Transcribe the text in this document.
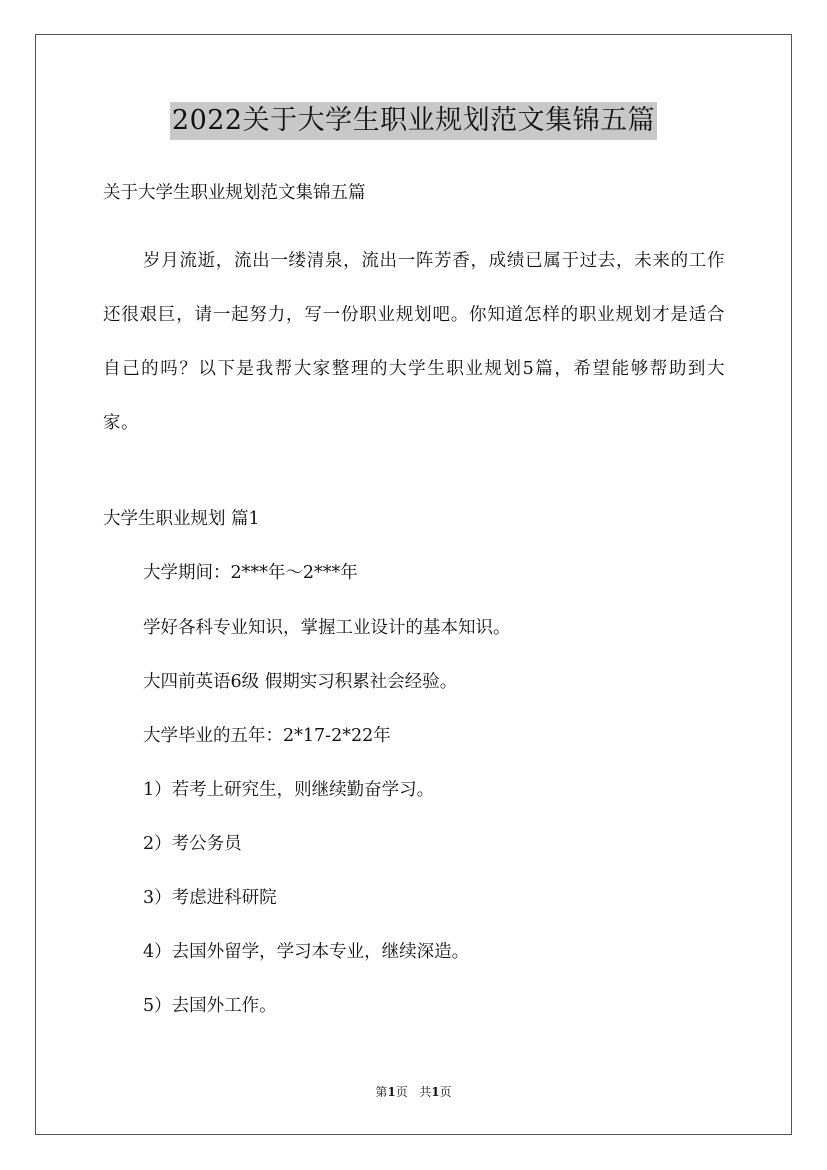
2022关于大学生职业规划范文集锦五篇
关于大学生职业规划范文集锦五篇
岁月流逝，流出一缕清泉，流出一阵芳香，成绩已属于过去，未来的工作还很艰巨，请一起努力，写一份职业规划吧。你知道怎样的职业规划才是适合自己的吗？以下是我帮大家整理的大学生职业规划5篇，希望能够帮助到大家。
大学生职业规划 篇1
大学期间：2***年～2***年
学好各科专业知识，掌握工业设计的基本知识。
大四前英语6级 假期实习积累社会经验。
大学毕业的五年：2*17-2*22年
1）若考上研究生，则继续勤奋学习。
2）考公务员
3）考虑进科研院
4）去国外留学，学习本专业，继续深造。
5）去国外工作。
第1页 共1页
